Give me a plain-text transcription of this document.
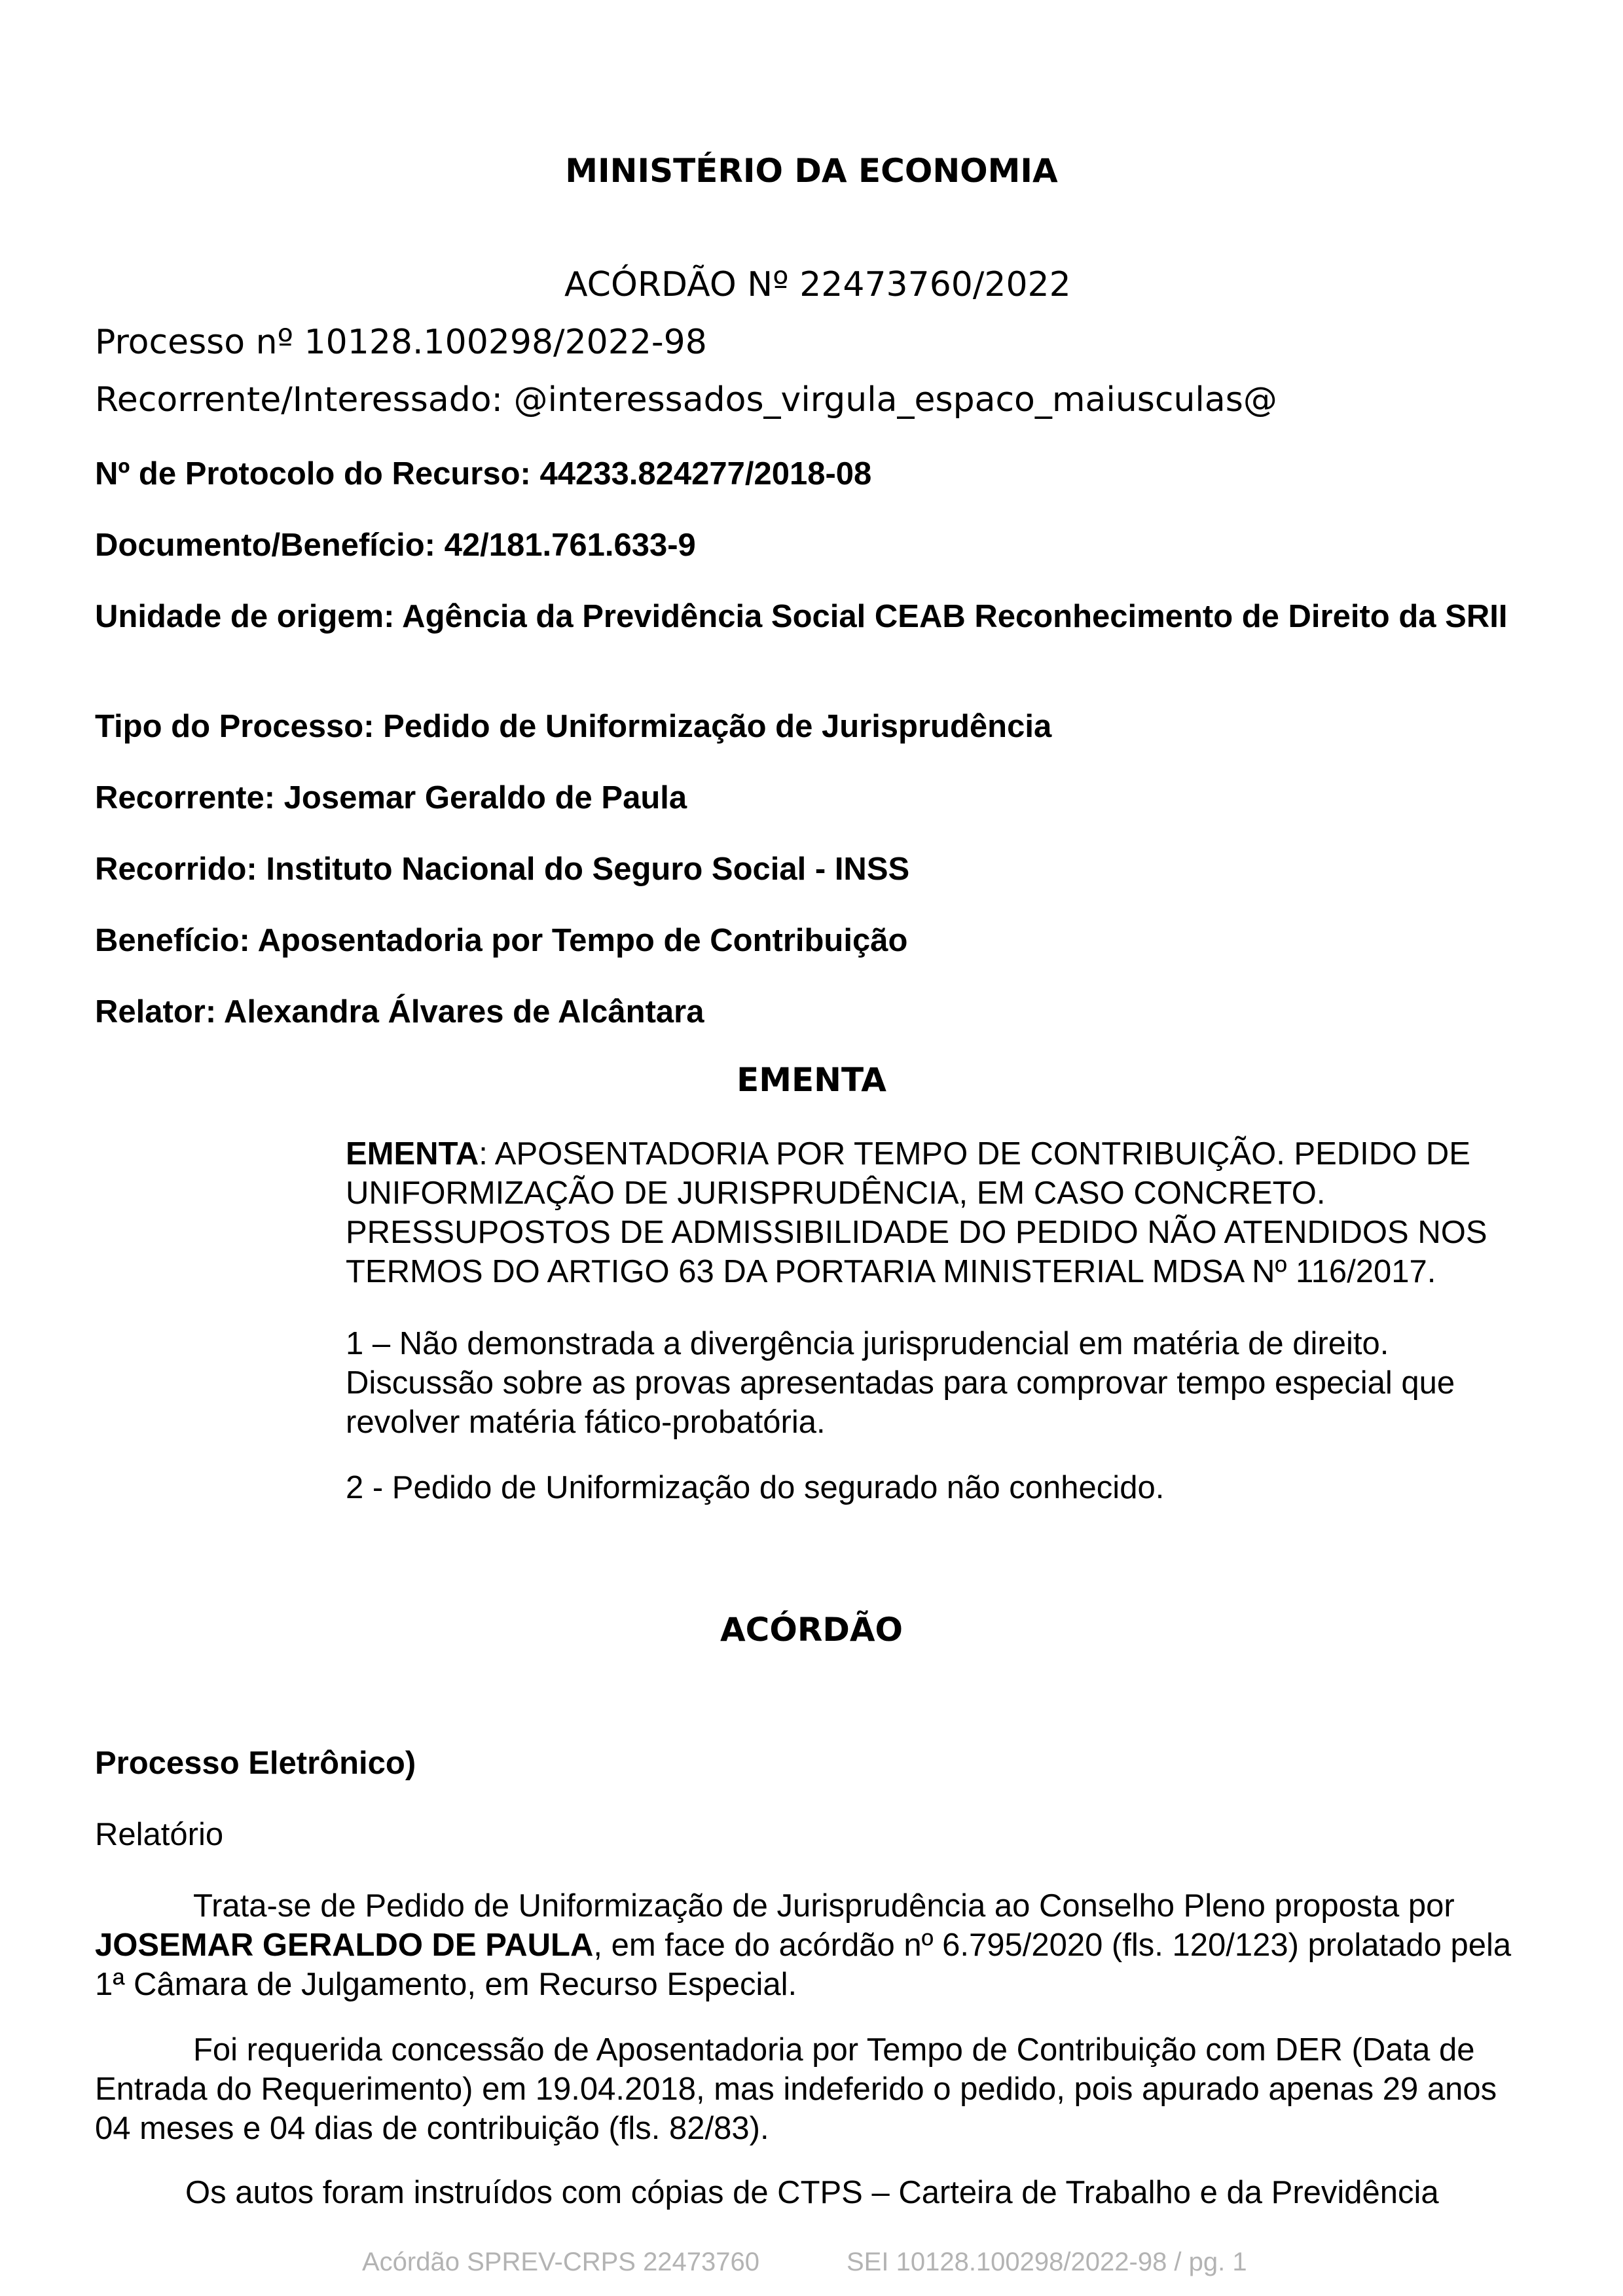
MINISTÉRIO DA ECONOMIA
ACÓRDÃO Nº 22473760/2022
Processo nº 10128.100298/2022-98
Recorrente/Interessado: @interessados_virgula_espaco_maiusculas@
Nº de Protocolo do Recurso: 44233.824277/2018-08
Documento/Benefício: 42/181.761.633-9
Unidade de origem: Agência da Previdência Social CEAB Reconhecimento de Direito da SRII
Tipo do Processo: Pedido de Uniformização de Jurisprudência
Recorrente: Josemar Geraldo de Paula
Recorrido: Instituto Nacional do Seguro Social - INSS
Benefício: Aposentadoria por Tempo de Contribuição
Relator: Alexandra Álvares de Alcântara
EMENTA
EMENTA: APOSENTADORIA POR TEMPO DE CONTRIBUIÇÃO. PEDIDO DE UNIFORMIZAÇÃO DE JURISPRUDÊNCIA, EM CASO CONCRETO. PRESSUPOSTOS DE ADMISSIBILIDADE DO PEDIDO NÃO ATENDIDOS NOS TERMOS DO ARTIGO 63 DA PORTARIA MINISTERIAL MDSA Nº 116/2017.
1 – Não demonstrada a divergência jurisprudencial em matéria de direito. Discussão sobre as provas apresentadas para comprovar tempo especial que revolver matéria fático-probatória.
2 - Pedido de Uniformização do segurado não conhecido.
ACÓRDÃO
Processo Eletrônico)
Relatório
Trata-se de Pedido de Uniformização de Jurisprudência ao Conselho Pleno proposta por JOSEMAR GERALDO DE PAULA, em face do acórdão nº 6.795/2020 (fls. 120/123) prolatado pela 1ª Câmara de Julgamento, em Recurso Especial.
Foi requerida concessão de Aposentadoria por Tempo de Contribuição com DER (Data de Entrada do Requerimento) em 19.04.2018, mas indeferido o pedido, pois apurado apenas 29 anos 04 meses e 04 dias de contribuição (fls. 82/83).
Os autos foram instruídos com cópias de CTPS – Carteira de Trabalho e da Previdência
Acórdão SPREV-CRPS 22473760	SEI 10128.100298/2022-98 / pg. 1
